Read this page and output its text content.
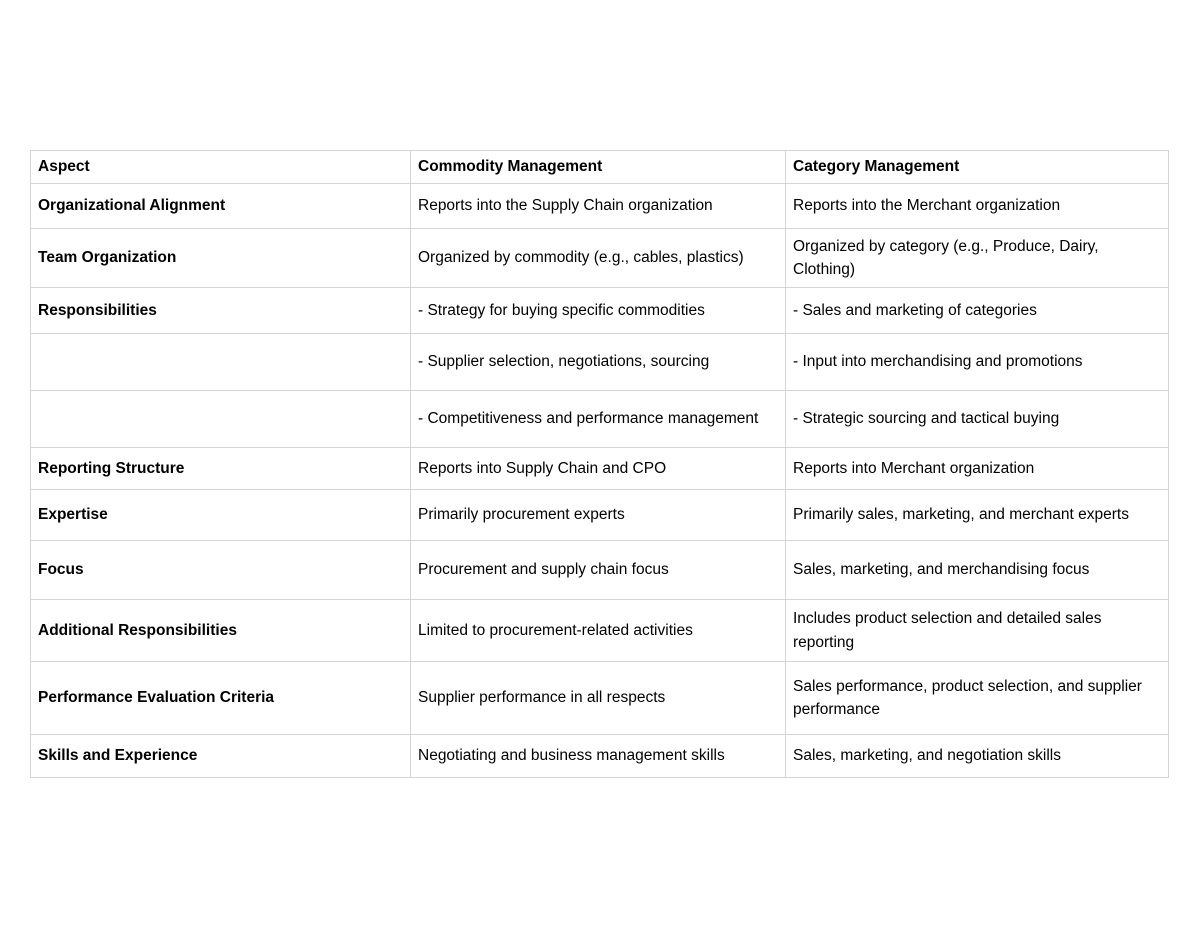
Aspect	Commodity Management	Category Management
Organizational Alignment	Reports into the Supply Chain organization	Reports into the Merchant organization
Team Organization	Organized by commodity (e.g., cables, plastics)	Organized by category (e.g., Produce, Dairy, Clothing)
Responsibilities	- Strategy for buying specific commodities	- Sales and marketing of categories
	- Supplier selection, negotiations, sourcing	- Input into merchandising and promotions
	- Competitiveness and performance management	- Strategic sourcing and tactical buying
Reporting Structure	Reports into Supply Chain and CPO	Reports into Merchant organization
Expertise	Primarily procurement experts	Primarily sales, marketing, and merchant experts
Focus	Procurement and supply chain focus	Sales, marketing, and merchandising focus
Additional Responsibilities	Limited to procurement-related activities	Includes product selection and detailed sales reporting
Performance Evaluation Criteria	Supplier performance in all respects	Sales performance, product selection, and supplier performance
Skills and Experience	Negotiating and business management skills	Sales, marketing, and negotiation skills
